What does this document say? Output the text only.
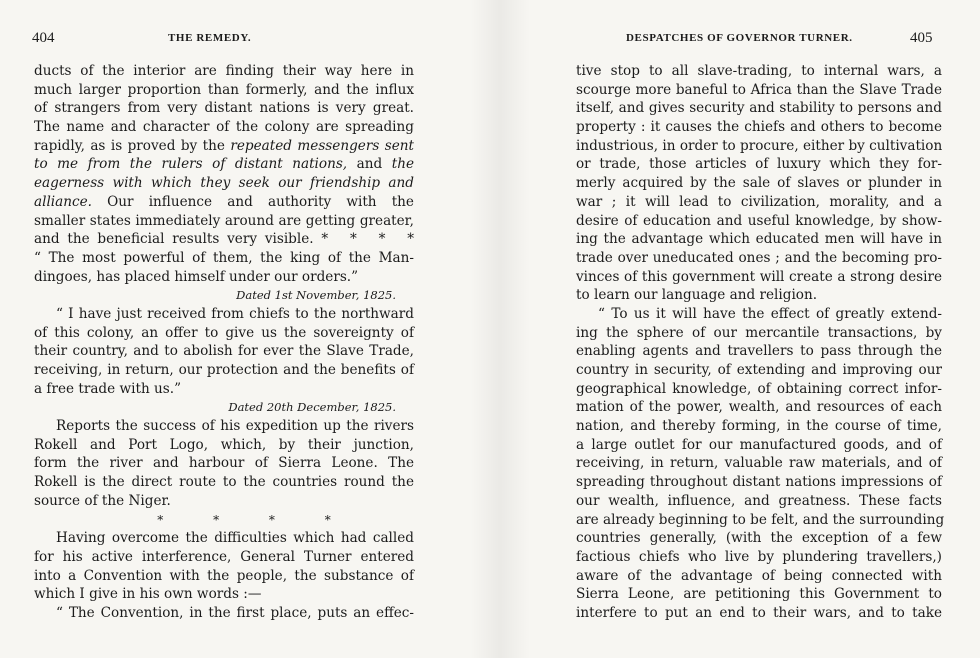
404	THE REMEDY.
ducts of the interior are finding their way here in
much larger proportion than formerly, and the influx
of strangers from very distant nations is very great.
The name and character of the colony are spreading
rapidly, as is proved by the repeated messengers sent
to me from the rulers of distant nations, and the
eagerness with which they seek our friendship and
alliance. Our influence and authority with the
smaller states immediately around are getting greater,
and the beneficial results very visible. * * * *
“ The most powerful of them, the king of the Man-
dingoes, has placed himself under our orders.”
Dated 1st November, 1825.
“ I have just received from chiefs to the northward
of this colony, an offer to give us the sovereignty of
their country, and to abolish for ever the Slave Trade,
receiving, in return, our protection and the benefits of
a free trade with us.”
Dated 20th December, 1825.
Reports the success of his expedition up the rivers
Rokell and Port Logo, which, by their junction,
form the river and harbour of Sierra Leone. The
Rokell is the direct route to the countries round the
source of the Niger.
* * * *
Having overcome the difficulties which had called
for his active interference, General Turner entered
into a Convention with the people, the substance of
which I give in his own words :—
“ The Convention, in the first place, puts an effec-
DESPATCHES OF GOVERNOR TURNER.	405
tive stop to all slave-trading, to internal wars, a
scourge more baneful to Africa than the Slave Trade
itself, and gives security and stability to persons and
property : it causes the chiefs and others to become
industrious, in order to procure, either by cultivation
or trade, those articles of luxury which they for-
merly acquired by the sale of slaves or plunder in
war ; it will lead to civilization, morality, and a
desire of education and useful knowledge, by show-
ing the advantage which educated men will have in
trade over uneducated ones ; and the becoming pro-
vinces of this government will create a strong desire
to learn our language and religion.
“ To us it will have the effect of greatly extend-
ing the sphere of our mercantile transactions, by
enabling agents and travellers to pass through the
country in security, of extending and improving our
geographical knowledge, of obtaining correct infor-
mation of the power, wealth, and resources of each
nation, and thereby forming, in the course of time,
a large outlet for our manufactured goods, and of
receiving, in return, valuable raw materials, and of
spreading throughout distant nations impressions of
our wealth, influence, and greatness. These facts
are already beginning to be felt, and the surrounding
countries generally, (with the exception of a few
factious chiefs who live by plundering travellers,)
aware of the advantage of being connected with
Sierra Leone, are petitioning this Government to
interfere to put an end to their wars, and to take
